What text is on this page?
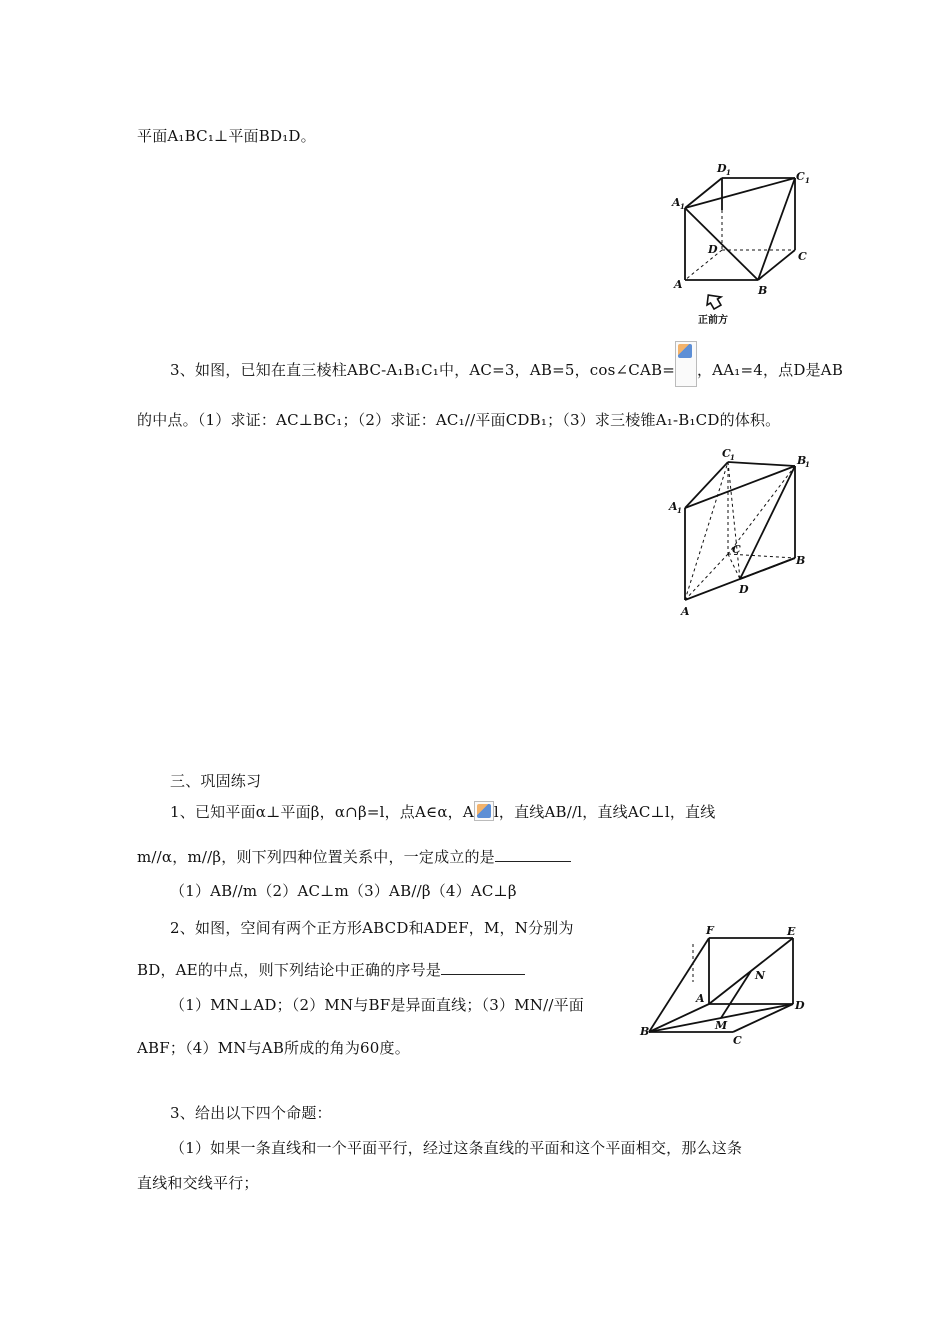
平面A₁BC₁⊥平面BD₁D。
D 1	C 1
A 1
D
C
A	B
正前方
3、如图，已知在直三棱柱ABC-A₁B₁C₁中，AC=3，AB=5，cos∠CAB= ，AA₁=4，点D是AB
的中点。（1）求证：AC⊥BC₁；（2）求证：AC₁//平面CDB₁；（3）求三棱锥A₁-B₁CD的体积。
C 1	B
1
A 1
C
B
D
A
三、巩固练习
1、已知平面α⊥平面β，α∩β=l，点A∈α，A l，直线AB//l，直线AC⊥l，直线
m//α，m//β，则下列四种位置关系中，一定成立的是
（1）AB//m（2）AC⊥m（3）AB//β（4）AC⊥β
2、如图，空间有两个正方形ABCD和ADEF，M，N分别为
BD，AE的中点，则下列结论中正确的序号是
（1）MN⊥AD；（2）MN与BF是异面直线；（3）MN//平面
ABF；（4）MN与AB所成的角为60度。
F	E
N
A
D
M
B
C
3、给出以下四个命题：
（1）如果一条直线和一个平面平行，经过这条直线的平面和这个平面相交，那么这条
直线和交线平行；
